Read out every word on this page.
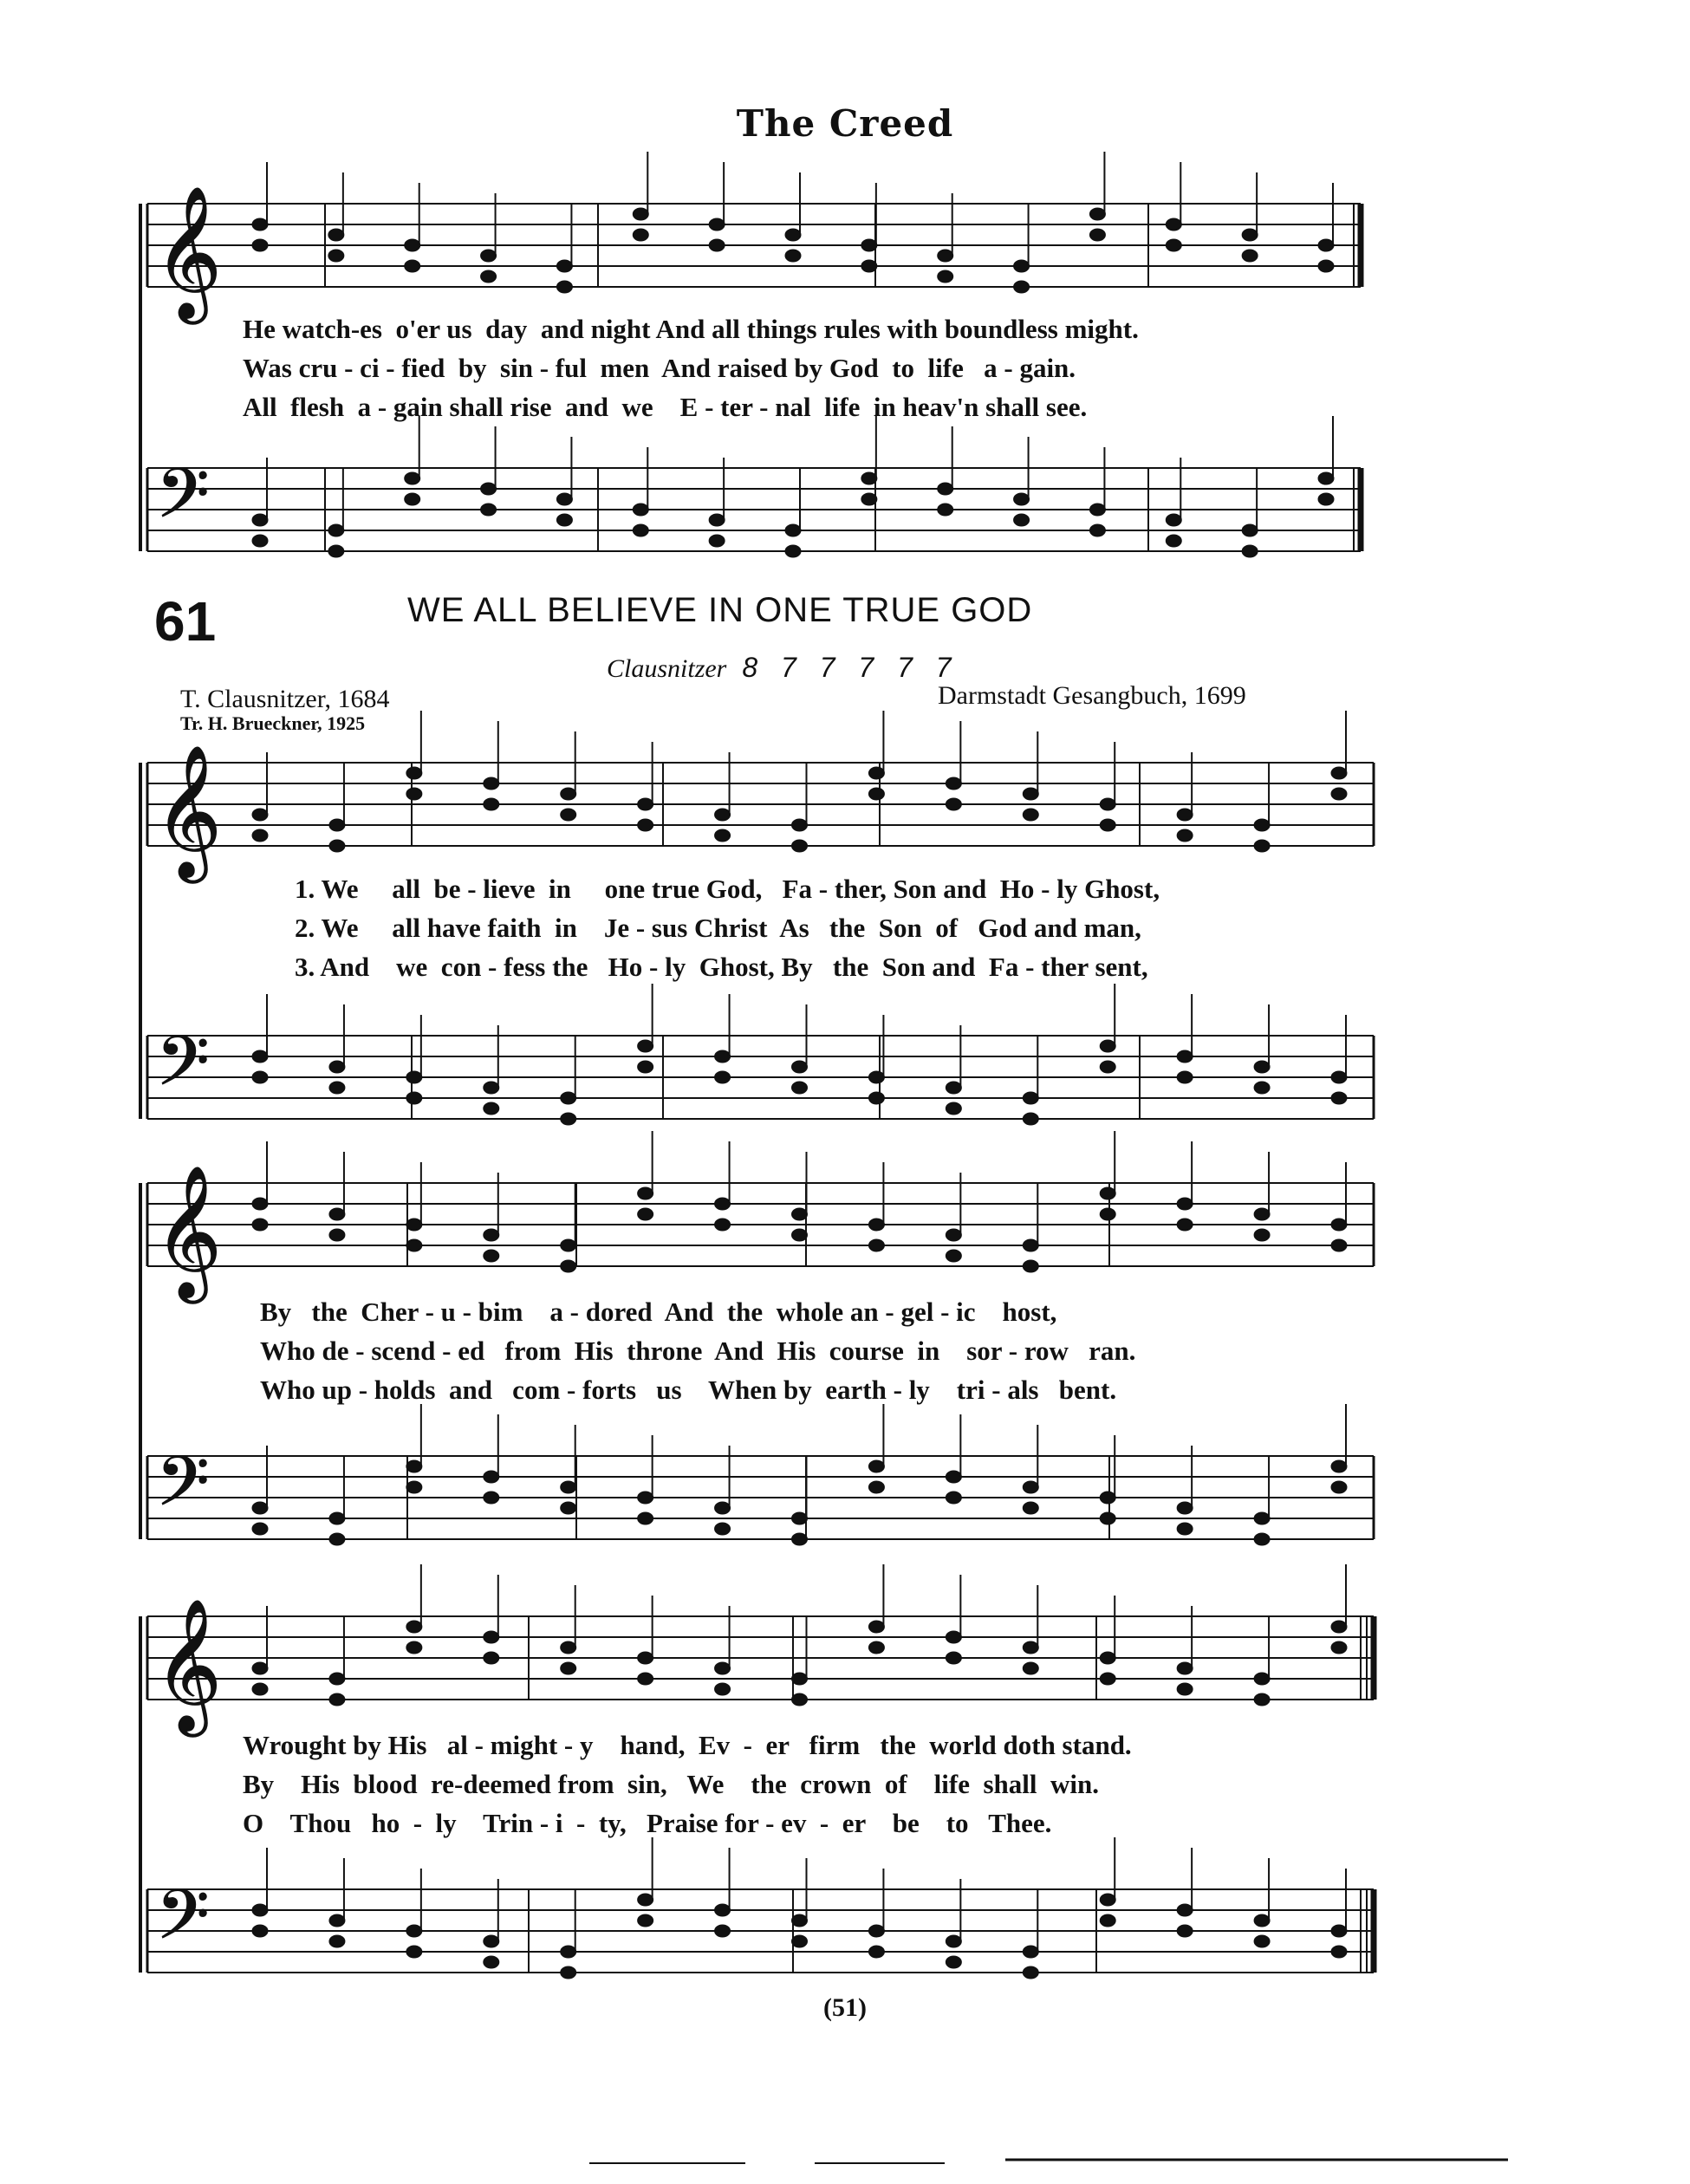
𝄞
𝄢
𝄞
𝄢
𝄞
𝄢
𝄞
𝄢
The Creed
He watch-es  o'er us  day  and night And all things rules with boundless might.
Was cru - ci - fied  by  sin - ful  men  And raised by God  to  life   a - gain.
All  flesh  a - gain shall rise  and  we    E - ter - nal  life  in heav'n shall see.
61	WE ALL BELIEVE IN ONE TRUE GOD
Clausnitzer 8 7 7 7 7 7
T. Clausnitzer, 1684
Tr. H. Brueckner, 1925
Darmstadt Gesangbuch, 1699
1. We     all  be - lieve  in     one true God,   Fa - ther, Son and  Ho - ly Ghost,
2. We     all have faith  in    Je - sus Christ  As   the  Son  of   God and man,
3. And    we  con - fess the   Ho - ly  Ghost, By   the  Son and  Fa - ther sent,
By   the  Cher - u - bim    a - dored  And  the  whole an - gel - ic    host,
Who de - scend - ed   from  His  throne  And  His  course  in    sor - row   ran.
Who up - holds  and   com - forts   us    When by  earth - ly    tri - als   bent.
Wrought by His   al - might - y    hand,  Ev  -  er   firm   the  world doth stand.
By    His  blood  re-deemed from  sin,   We    the  crown  of    life  shall  win.
O    Thou   ho  -  ly    Trin - i  -  ty,   Praise for - ev  -  er    be    to   Thee.
(51)
